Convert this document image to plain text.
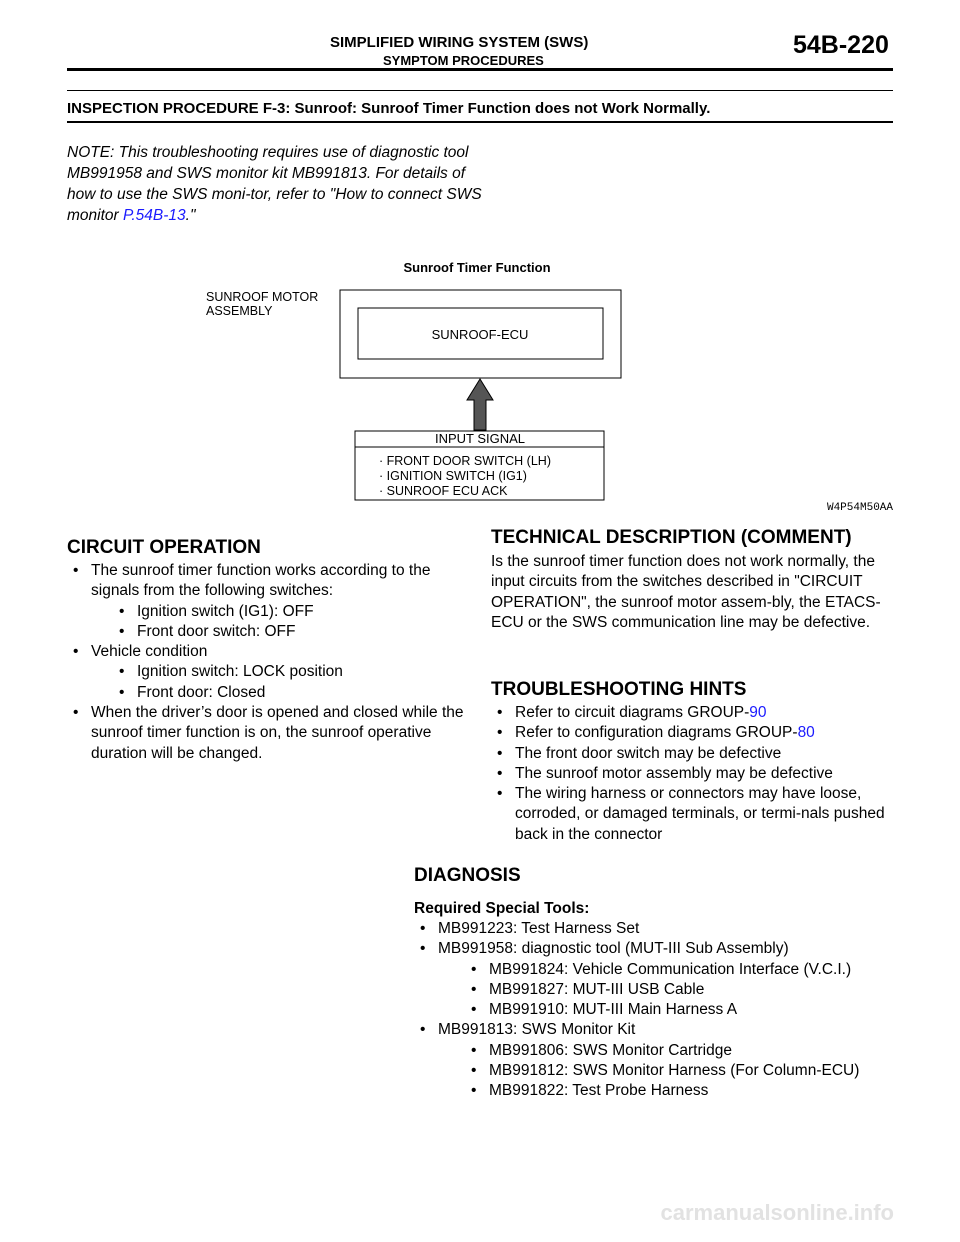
SIMPLIFIED WIRING SYSTEM (SWS)
SYMPTOM PROCEDURES
54B-220
INSPECTION PROCEDURE F-3: Sunroof: Sunroof Timer Function does not Work Normally.
NOTE: This troubleshooting requires use of diagnostic tool MB991958 and SWS monitor kit MB991813. For details of how to use the SWS moni-tor, refer to "How to connect SWS monitor P.54B-13."
Sunroof Timer Function
SUNROOF MOTOR
ASSEMBLY
SUNROOF-ECU
INPUT SIGNAL
· FRONT DOOR SWITCH (LH)
· IGNITION SWITCH (IG1)
· SUNROOF ECU ACK
W4P54M50AA
CIRCUIT OPERATION
• The sunroof timer function works according to the signals from the following switches:
• Ignition switch (IG1): OFF
• Front door switch: OFF
• Vehicle condition
• Ignition switch: LOCK position
• Front door: Closed
• When the driver’s door is opened and closed while the sunroof timer function is on, the sunroof operative duration will be changed.
TECHNICAL DESCRIPTION (COMMENT)
Is the sunroof timer function does not work normally, the input circuits from the switches described in "CIRCUIT OPERATION", the sunroof motor assem-bly, the ETACS-ECU or the SWS communication line may be defective.
TROUBLESHOOTING HINTS
• Refer to circuit diagrams GROUP-90
• Refer to configuration diagrams GROUP-80
• The front door switch may be defective
• The sunroof motor assembly may be defective
• The wiring harness or connectors may have loose, corroded, or damaged terminals, or termi-nals pushed back in the connector
DIAGNOSIS
Required Special Tools:
• MB991223: Test Harness Set
• MB991958: diagnostic tool (MUT-III Sub Assembly)
• MB991824: Vehicle Communication Interface (V.C.I.)
• MB991827: MUT-III USB Cable
• MB991910: MUT-III Main Harness A
• MB991813: SWS Monitor Kit
• MB991806: SWS Monitor Cartridge
• MB991812: SWS Monitor Harness (For Column-ECU)
• MB991822: Test Probe Harness
carmanualsonline.info
